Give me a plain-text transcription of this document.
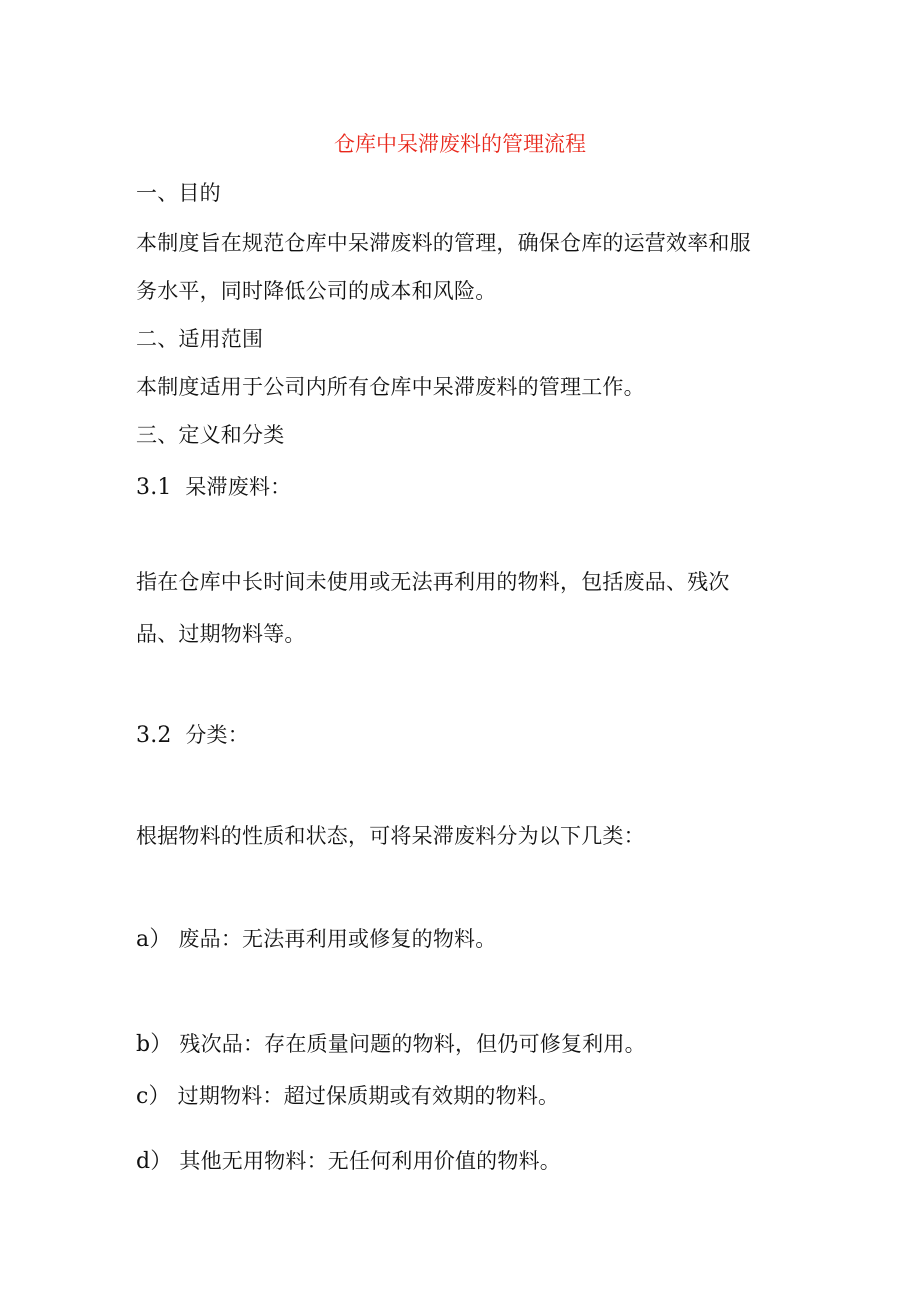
仓库中呆滞废料的管理流程
一、目的
本制度旨在规范仓库中呆滞废料的管理，确保仓库的运营效率和服
务水平，同时降低公司的成本和风险。
二、适用范围
本制度适用于公司内所有仓库中呆滞废料的管理工作。
三、定义和分类
3.1 呆滞废料：
指在仓库中长时间未使用或无法再利用的物料，包括废品、残次
品、过期物料等。
3.2 分类：
根据物料的性质和状态，可将呆滞废料分为以下几类：
a） 废品：无法再利用或修复的物料。
b） 残次品：存在质量问题的物料，但仍可修复利用。
c） 过期物料：超过保质期或有效期的物料。
d） 其他无用物料：无任何利用价值的物料。
